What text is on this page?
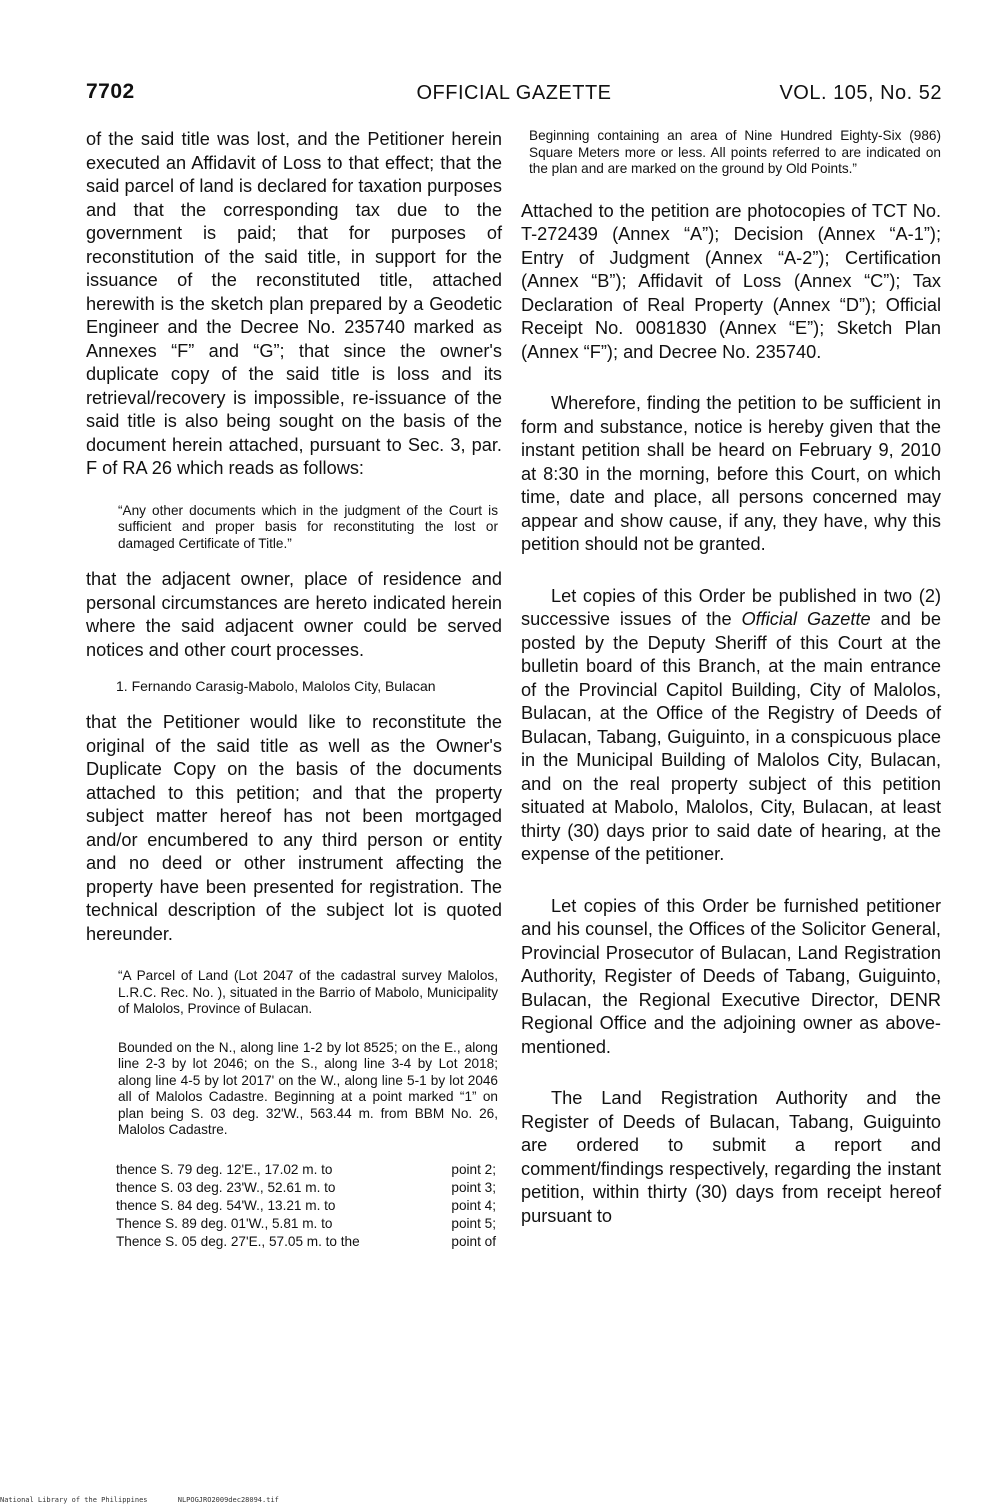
7702	OFFICIAL GAZETTE	VOL. 105, No. 52

of the said title was lost, and the Petitioner herein executed an Affidavit of Loss to that effect; that the said parcel of land is declared for taxation purposes and that the corresponding tax due to the government is paid; that for purposes of reconstitution of the said title, in support for the issuance of the reconstituted title, attached herewith is the sketch plan prepared by a Geodetic Engineer and the Decree No. 235740 marked as Annexes “F” and “G”; that since the owner's duplicate copy of the said title is loss and its retrieval/recovery is impossible, re-issuance of the said title is also being sought on the basis of the document herein attached, pursuant to Sec. 3, par. F of RA 26 which reads as follows:

“Any other documents which in the judgment of the Court is sufficient and proper basis for reconstituting the lost or damaged Certificate of Title.”

that the adjacent owner, place of residence and personal circumstances are hereto indicated herein where the said adjacent owner could be served notices and other court processes.

1. Fernando Carasig-Mabolo, Malolos City, Bulacan

that the Petitioner would like to reconstitute the original of the said title as well as the Owner's Duplicate Copy on the basis of the documents attached to this petition; and that the property subject matter hereof has not been mortgaged and/or encumbered to any third person or entity and no deed or other instrument affecting the property have been presented for registration. The technical description of the subject lot is quoted hereunder.

“A Parcel of Land (Lot 2047 of the cadastral survey Malolos, L.R.C. Rec. No. ), situated in the Barrio of Mabolo, Municipality of Malolos, Province of Bulacan.

Bounded on the N., along line 1-2 by lot 8525; on the E., along line 2-3 by lot 2046; on the S., along line 3-4 by Lot 2018; along line 4-5 by lot 2017' on the W., along line 5-1 by lot 2046 all of Malolos Cadastre. Beginning at a point marked “1” on plan being S. 03 deg. 32'W., 563.44 m. from BBM No. 26, Malolos Cadastre.

thence S. 79 deg. 12'E., 17.02 m. to	point 2;
thence S. 03 deg. 23'W., 52.61 m. to	point 3;
thence S. 84 deg. 54'W., 13.21 m. to	point 4;
Thence S. 89 deg. 01'W., 5.81 m. to	point 5;
Thence S. 05 deg. 27'E., 57.05 m. to the	point of

Beginning containing an area of Nine Hundred Eighty-Six (986) Square Meters more or less. All points referred to are indicated on the plan and are marked on the ground by Old Points.”

Attached to the petition are photocopies of TCT No. T-272439 (Annex “A”); Decision (Annex “A-1”); Entry of Judgment (Annex “A-2”); Certification (Annex “B”); Affidavit of Loss (Annex “C”); Tax Declaration of Real Property (Annex “D”); Official Receipt No. 0081830 (Annex “E”); Sketch Plan (Annex “F”); and Decree No. 235740.

Wherefore, finding the petition to be sufficient in form and substance, notice is hereby given that the instant petition shall be heard on February 9, 2010 at 8:30 in the morning, before this Court, on which time, date and place, all persons concerned may appear and show cause, if any, they have, why this petition should not be granted.

Let copies of this Order be published in two (2) successive issues of the Official Gazette and be posted by the Deputy Sheriff of this Court at the bulletin board of this Branch, at the main entrance of the Provincial Capitol Building, City of Malolos, Bulacan, at the Office of the Registry of Deeds of Bulacan, Tabang, Guiguinto, in a conspicuous place in the Municipal Building of Malolos City, Bulacan, and on the real property subject of this petition situated at Mabolo, Malolos, City, Bulacan, at least thirty (30) days prior to said date of hearing, at the expense of the petitioner.

Let copies of this Order be furnished petitioner and his counsel, the Offices of the Solicitor General, Provincial Prosecutor of Bulacan, Land Registration Authority, Register of Deeds of Tabang, Guiguinto, Bulacan, the Regional Executive Director, DENR Regional Office and the adjoining owner as above-mentioned.

The Land Registration Authority and the Register of Deeds of Bulacan, Tabang, Guiguinto are ordered to submit a report and comment/findings respectively, regarding the instant petition, within thirty (30) days from receipt hereof pursuant to

National Library of the Philippines	NLPOGJRO2009dec28094.tif
